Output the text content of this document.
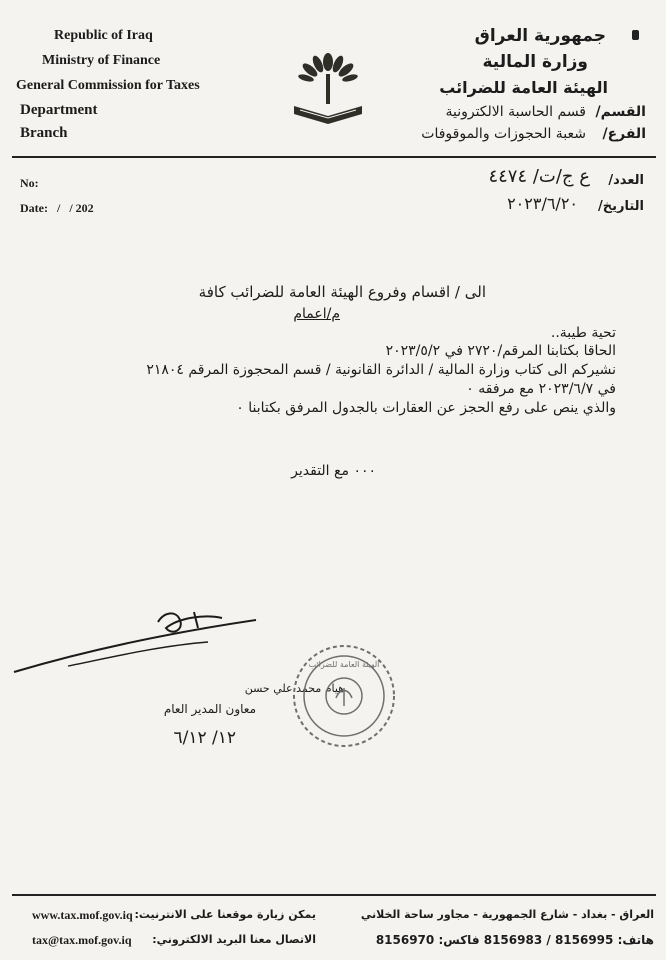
Republic of Iraq
Ministry of Finance
General Commission for Taxes
Department
Branch
جمهورية العراق
وزارة المالية
الهيئة العامة للضرائب
القسم/
قسم الحاسبة الالكترونية
الفرع/
شعبة الحجوزات والموقوفات
No:
Date:   /   / 202
العدد/
ع ج/ت/ ٤٤٧٤
التاريخ/
٢٠٢٣/٦/٢٠
الى / اقسام وفروع الهيئة العامة للضرائب كافة
م/اعمام
تحية طيبة..
الحاقا بكتابنا المرقم/٢٧٢٠ في ٢٠٢٣/٥/٢
نشيركم الى كتاب وزارة المالية / الدائرة القانونية / قسم المحجوزة المرقم ٢١٨٠٤
في ٢٠٢٣/٦/٧ مع مرفقه ٠
والذي ينص على رفع الحجز عن العقارات بالجدول المرفق بكتابنا ٠
٠٠٠ مع التقدير
هيام محمد علي حسن
معاون المدير العام
١٢/ ٦/١٢
الهيئة العامة للضرائب
www.tax.mof.gov.iq يمكن زيارة موقعنا على الانترنيت:
tax@tax.mof.gov.iq الاتصال معنا البريد الالكتروني:
العراق - بغداد - شارع الجمهورية - مجاور ساحة الخلاني
هاتف: 8156995 / 8156983 فاكس: 8156970
